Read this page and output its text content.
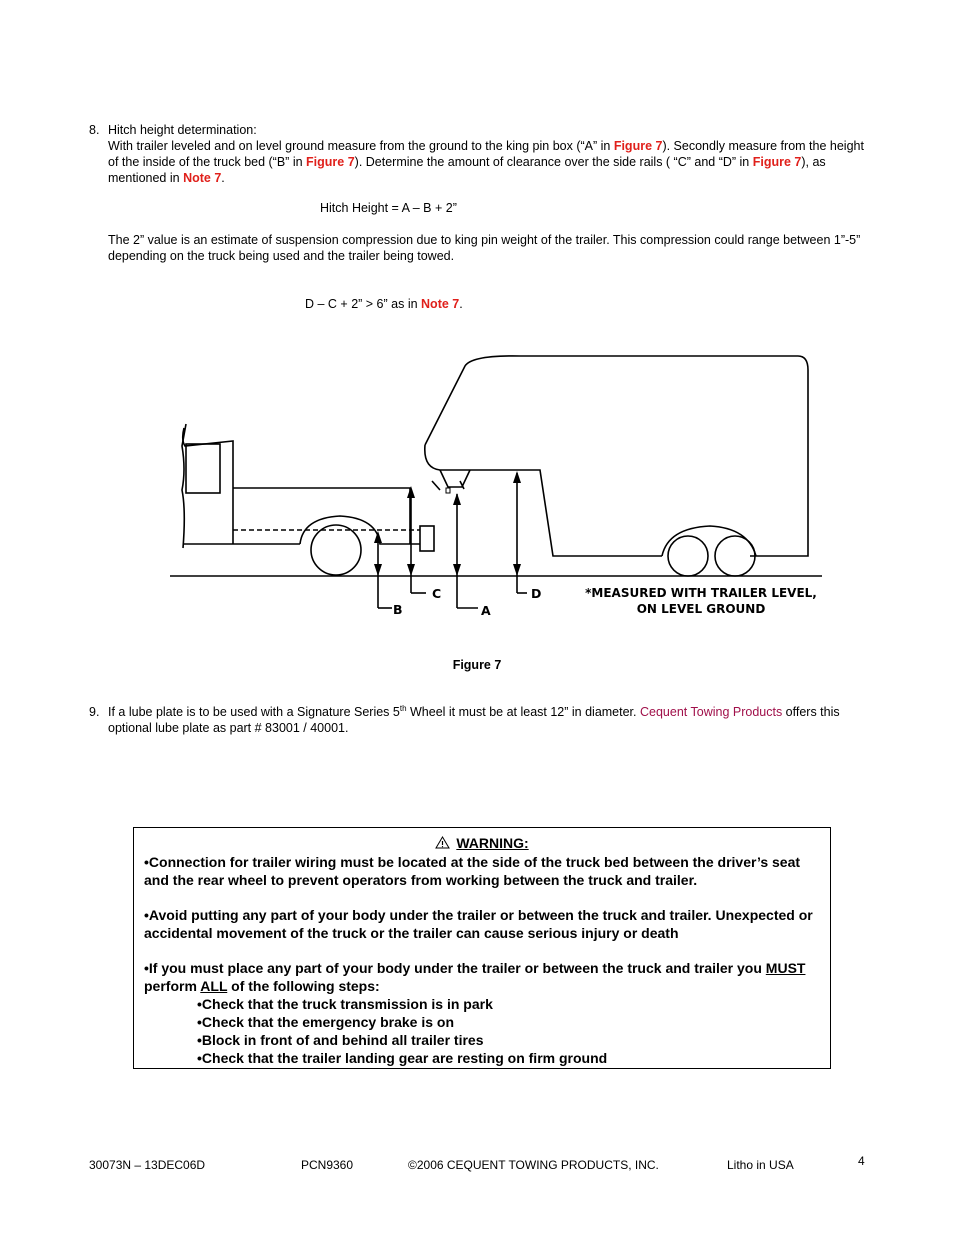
8. Hitch height determination:
With trailer leveled and on level ground measure from the ground to the king pin box (“A” in Figure 7). Secondly measure from the height of the inside of the truck bed (“B” in Figure 7). Determine the amount of clearance over the side rails ( “C” and “D” in Figure 7), as mentioned in Note 7.
Hitch Height = A – B + 2”
The 2” value is an estimate of suspension compression due to king pin weight of the trailer. This compression could range between 1”-5” depending on the truck being used and the trailer being towed.
D – C + 2” > 6” as in Note 7.
B
C
A
D	*MEASURED WITH TRAILER LEVEL,
ON LEVEL GROUND
Figure 7
9. If a lube plate is to be used with a Signature Series 5th Wheel it must be at least 12” in diameter. Cequent Towing Products offers this optional lube plate as part # 83001 / 40001.
WARNING:

•Connection for trailer wiring must be located at the side of the truck bed between the driver’s seat and the rear wheel to prevent operators from working between the truck and trailer.

•Avoid putting any part of your body under the trailer or between the truck and trailer. Unexpected or accidental movement of the truck or the trailer can cause serious injury or death

•If you must place any part of your body under the trailer or between the truck and trailer you MUST perform ALL of the following steps:

•Check that the truck transmission is in park

•Check that the emergency brake is on

•Block in front of and behind all trailer tires

•Check that the trailer landing gear are resting on firm ground

30073N – 13DEC06D	PCN9360	©2006 CEQUENT TOWING PRODUCTS, INC.	Litho in USA	4
